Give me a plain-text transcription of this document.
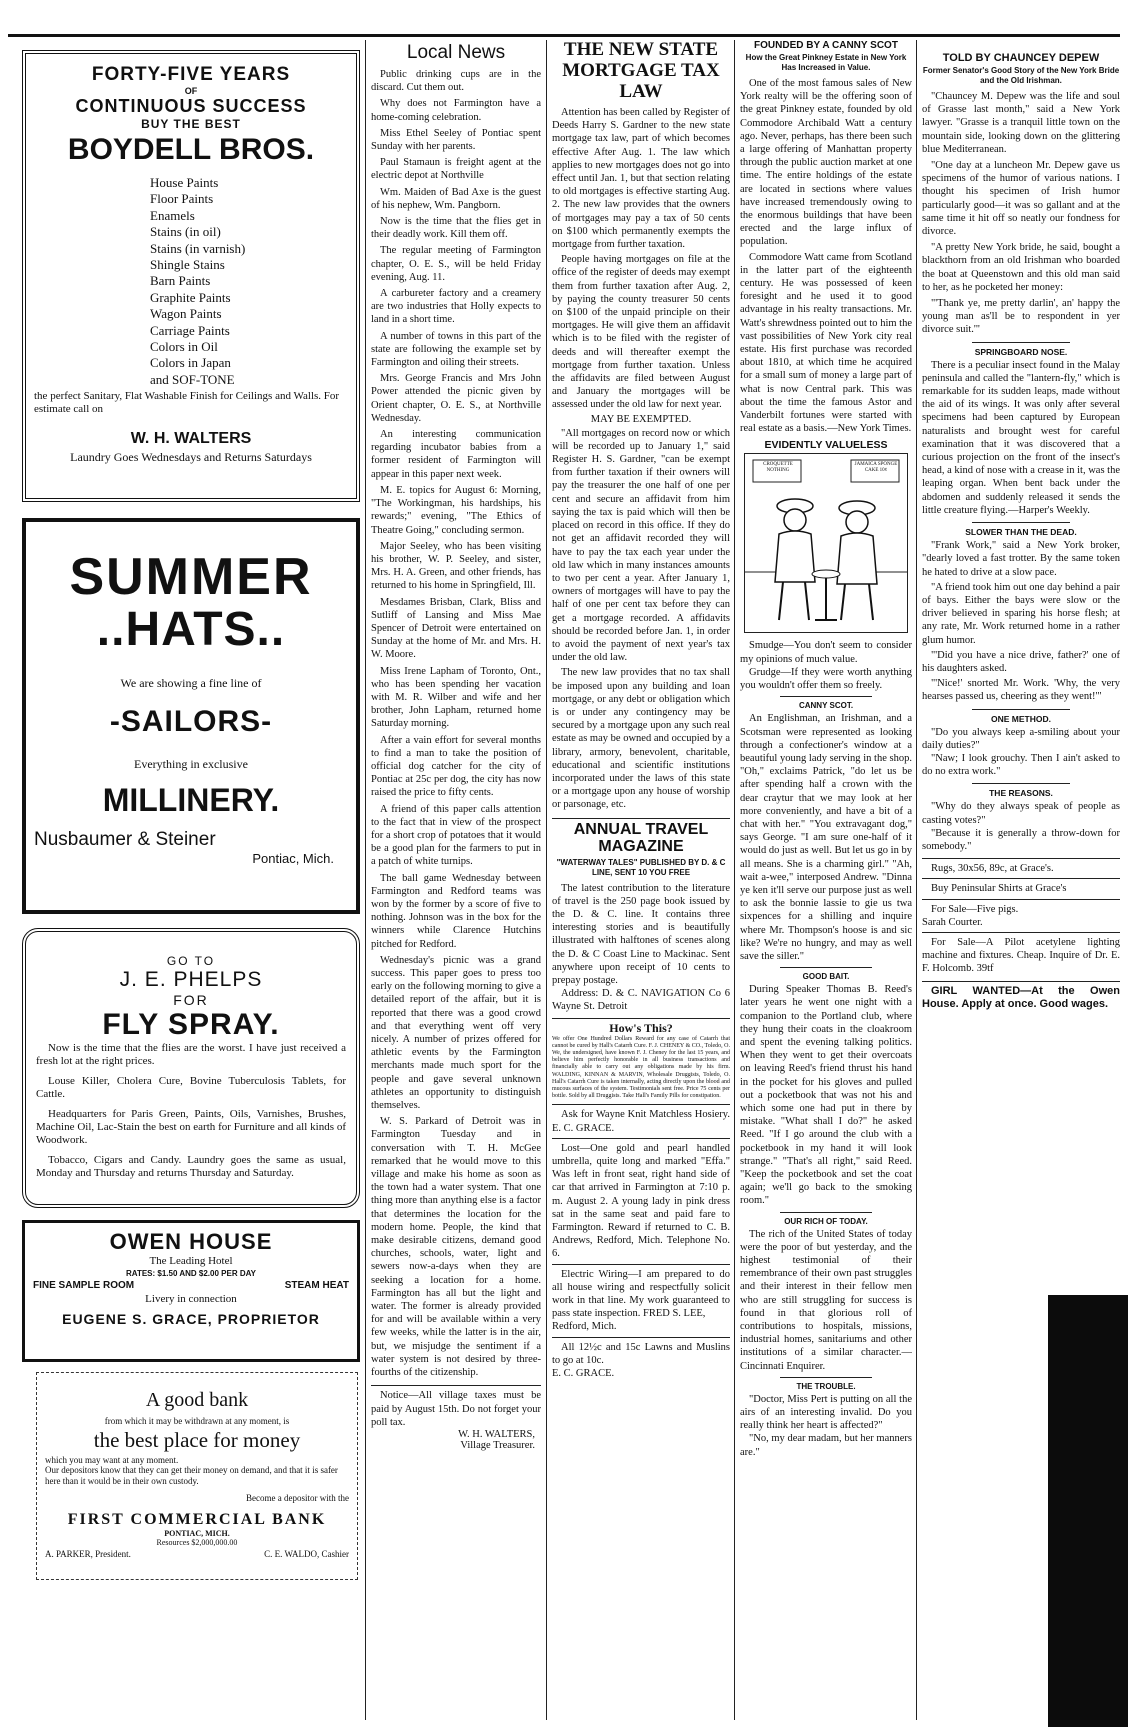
FORTY-FIVE YEARS
OF
CONTINUOUS SUCCESS
BUY THE BEST
BOYDELL BROS.
House Paints
Floor Paints
Enamels
Stains (in oil)
Stains (in varnish)
Shingle Stains
Barn Paints
Graphite Paints
Wagon Paints
Carriage Paints
Colors in Oil
Colors in Japan
and SOF-TONE
the perfect Sanitary, Flat Washable Finish for Ceilings and Walls. For estimate call on
W. H. WALTERS
Laundry Goes Wednesdays and Returns Saturdays
SUMMER
..HATS..
We are showing a fine line of
-SAILORS-
Everything in exclusive
MILLINERY.
Nusbaumer & Steiner
Pontiac, Mich.
GO TO
J. E. PHELPS
FOR
FLY SPRAY.
Now is the time that the flies are the worst. I have just received a fresh lot at the right prices.
Louse Killer, Cholera Cure, Bovine Tuberculosis Tablets, for Cattle.
Headquarters for Paris Green, Paints, Oils, Varnishes, Brushes, Machine Oil, Lac-Stain the best on earth for Furniture and all kinds of Woodwork.
Tobacco, Cigars and Candy. Laundry goes the same as usual, Monday and Thursday and returns Thursday and Saturday.
OWEN HOUSE
The Leading Hotel
RATES: $1.50 AND $2.00 PER DAY
FINE SAMPLE ROOM	STEAM HEAT
Livery in connection
EUGENE S. GRACE, PROPRIETOR
A good bank
from which it may be withdrawn at any moment, is
the best place for money
which you may want at any moment.
Our depositors know that they can get their money on demand, and that it is safer here than it would be in their own custody.
Become a depositor with the
FIRST COMMERCIAL BANK
PONTIAC, MICH.
Resources $2,000,000.00
A. PARKER, President.	C. E. WALDO, Cashier
Local News

Public drinking cups are in the discard. Cut them out.

Why does not Farmington have a home-coming celebration.

Miss Ethel Seeley of Pontiac spent Sunday with her parents.

Paul Stamaun is freight agent at the electric depot at Northville

Wm. Maiden of Bad Axe is the guest of his nephew, Wm. Pangborn.

Now is the time that the flies get in their deadly work. Kill them off.

The regular meeting of Farmington chapter, O. E. S., will be held Friday evening, Aug. 11.

A carbureter factory and a creamery are two industries that Holly expects to land in a short time.

A number of towns in this part of the state are following the example set by Farmington and oiling their streets.

Mrs. George Francis and Mrs John Power attended the picnic given by Orient chapter, O. E. S., at Northville Wednesday.

An interesting communication regarding incubator babies from a former resident of Farmington will appear in this paper next week.

M. E. topics for August 6: Morning, "The Workingman, his hardships, his rewards;" evening, "The Ethics of Theatre Going," concluding sermon.

Major Seeley, who has been visiting his brother, W. P. Seeley, and sister, Mrs. H. A. Green, and other friends, has returned to his home in Springfield, Ill.

Mesdames Brisban, Clark, Bliss and Sutliff of Lansing and Miss Mae Spencer of Detroit were entertained on Sunday at the home of Mr. and Mrs. H. W. Moore.

Miss Irene Lapham of Toronto, Ont., who has been spending her vacation with M. R. Wilber and wife and her brother, John Lapham, returned home Saturday morning.

After a vain effort for several months to find a man to take the position of official dog catcher for the city of Pontiac at 25c per dog, the city has now raised the price to fifty cents.

A friend of this paper calls attention to the fact that in view of the prospect for a short crop of potatoes that it would be a good plan for the farmers to put in a patch of white turnips.

The ball game Wednesday between Farmington and Redford teams was won by the former by a score of five to nothing. Johnson was in the box for the winners while Clarence Hutchins pitched for Redford.

Wednesday's picnic was a grand success. This paper goes to press too early on the following morning to give a detailed report of the affair, but it is reported that there was a good crowd and that everything went off very nicely. A number of prizes offered for athletic events by the Farmington merchants made much sport for the people and gave several unknown athletes an opportunity to distinguish themselves.

W. S. Parkard of Detroit was in Farmington Tuesday and in conversation with T. H. McGee remarked that he would move to this village and make his home as soon as the town had a water system. That one thing more than anything else is a factor that determines the location for the modern home. People, the kind that make desirable citizens, demand good churches, schools, water, light and sewers now-a-days when they are seeking a location for a home. Farmington has all but the light and water. The former is already provided for and will be available within a very few weeks, while the latter is in the air, but, we misjudge the sentiment if a water system is not desired by three-fourths of the citizenship.

Notice—All village taxes must be paid by August 15th. Do not forget your poll tax.

W. H. WALTERS,
Village Treasurer.
THE NEW STATE
MORTGAGE TAX LAW

Attention has been called by Register of Deeds Harry S. Gardner to the new state mortgage tax law, part of which becomes effective After Aug. 1. The law which applies to new mortgages does not go into effect until Jan. 1, but that section relating to old mortgages is effective starting Aug. 2. The new law provides that the owners of mortgages may pay a tax of 50 cents on $100 which permanently exempts the mortgage from further taxation.

People having mortgages on file at the office of the register of deeds may exempt them from further taxation after Aug. 2, by paying the county treasurer 50 cents on $100 of the unpaid principle on their mortgages. He will give them an affidavit which is to be filed with the register of deeds and will thereafter exempt the mortgage from further taxation. Unless the affidavits are filed between August and January the mortgages will be assessed under the old law for next year.

MAY BE EXEMPTED.

"All mortgages on record now or which will be recorded up to January 1," said Register H. S. Gardner, "can be exempt from further taxation if their owners will pay the treasurer the one half of one per cent and secure an affidavit from him saying the tax is paid which will then be placed on record in this office. If they do not get an affidavit recorded they will have to pay the tax each year under the old law which in many instances amounts to two per cent a year. After January 1, owners of mortgages will have to pay the half of one per cent tax before they can get a mortgage recorded. A affidavits should be recorded before Jan. 1, in order to avoid the payment of next year's tax under the old law.

The new law provides that no tax shall be imposed upon any building and loan mortgage, or any debt or obligation which is or under any contingency may be secured by a mortgage upon any such real estate as may be owned and occupied by a library, armory, benevolent, charitable, educational and scientific institutions incorporated under the laws of this state or a mortgage upon any house of worship or parsonage, etc.

ANNUAL TRAVEL
MAGAZINE
"WATERWAY TALES" PUBLISHED BY D. & C LINE, SENT 10 YOU FREE

The latest contribution to the literature of travel is the 250 page book issued by the D. & C. line. It contains three interesting stories and is beautifully illustrated with halftones of scenes along the D. & C Coast Line to Mackinac. Sent anywhere upon receipt of 10 cents to prepay postage.

Address: D. & C. NAVIGATION Co 6 Wayne St. Detroit

How's This?

We offer One Hundred Dollars Reward for any case of Catarrh that cannot be cured by Hall's Catarrh Cure. F. J. CHENEY & CO., Toledo, O. We, the undersigned, have known F. J. Cheney for the last 15 years, and believe him perfectly honorable in all business transactions and financially able to carry out any obligations made by his firm. WALDING, KINNAN & MARVIN, Wholesale Druggists, Toledo, O. Hall's Catarrh Cure is taken internally, acting directly upon the blood and mucous surfaces of the system. Testimonials sent free. Price 75 cents per bottle. Sold by all Druggists. Take Hall's Family Pills for constipation.

Ask for Wayne Knit Matchless Hosiery. E. C. GRACE.

Lost—One gold and pearl handled umbrella, quite long and marked "Effa." Was left in front seat, right hand side of car that arrived in Farmington at 7:10 p. m. August 2. A young lady in pink dress sat in the same seat and paid fare to Farmington. Reward if returned to C. B. Andrews, Redford, Mich. Telephone No. 6.

Electric Wiring—I am prepared to do all house wiring and respectfully solicit work in that line. My work guaranteed to pass state inspection. FRED S. LEE,
Redford, Mich.

All 12½c and 15c Lawns and Muslins to go at 10c.
E. C. GRACE.

FOUNDED BY A CANNY SCOT
How the Great Pinkney Estate in New York Has Increased in Value.

One of the most famous sales of New York realty will be the offering soon of the great Pinkney estate, founded by old Commodore Archibald Watt a century ago. Never, perhaps, has there been such a large offering of Manhattan property through the public auction market at one time. The entire holdings of the estate are located in sections where values have increased tremendously owing to the enormous buildings that have been erected and the large influx of population.

Commodore Watt came from Scotland in the latter part of the eighteenth century. He was possessed of keen foresight and he used it to good advantage in his realty transactions. Mr. Watt's shrewdness pointed out to him the vast possibilities of New York city real estate. His first purchase was recorded about 1810, at which time he acquired for a small sum of money a large part of what is now Central park. This was about the time the famous Astor and Vanderbilt fortunes were started with real estate as a basis.—New York Times.

EVIDENTLY VALUELESS
CROQUETTE NOTHING
JAMAICA SPONGE CAKE 10¢

Smudge—You don't seem to consider my opinions of much value.

Grudge—If they were worth anything you wouldn't offer them so freely.

CANNY SCOT.

An Englishman, an Irishman, and a Scotsman were represented as looking through a confectioner's window at a beautiful young lady serving in the shop. "Oh," exclaims Patrick, "do let us be after spending half a crown with the dear craytur that we may look at her more conveniently, and have a bit of a chat with her." "You extravagant dog," says George. "I am sure one-half of it would do just as well. But let us go in by all means. She is a charming girl." "Ah, wait a-wee," interposed Andrew. "Dinna ye ken it'll serve our purpose just as well to ask the bonnie lassie to gie us twa sixpences for a shilling and inquire where Mr. Thompson's hoose is and sic like? We're no hungry, and may as well save the siller."

GOOD BAIT.

During Speaker Thomas B. Reed's later years he went one night with a companion to the Portland club, where they hung their coats in the cloakroom and spent the evening talking politics. When they went to get their overcoats on leaving Reed's friend thrust his hand in the pocket for his gloves and pulled out a pocketbook that was not his and which some one had put in there by mistake. "What shall I do?" he asked Reed. "If I go around the club with a pocketbook in my hand it will look strange." "That's all right," said Reed. "Keep the pocketbook and set the coat again; we'll go back to the smoking room."

OUR RICH OF TODAY.

The rich of the United States of today were the poor of but yesterday, and the highest testimonial of their remembrance of their own past struggles and their interest in their fellow men who are still struggling for success is found in that glorious roll of contributions to hospitals, missions, industrial homes, sanitariums and other institutions of a similar character.—Cincinnati Enquirer.

THE TROUBLE.

"Doctor, Miss Pert is putting on all the airs of an interesting invalid. Do you really think her heart is affected?"

"No, my dear madam, but her manners are."

TOLD BY CHAUNCEY DEPEW
Former Senator's Good Story of the New York Bride and the Old Irishman.

"Chauncey M. Depew was the life and soul of Grasse last month," said a New York lawyer. "Grasse is a tranquil little town on the mountain side, looking down on the glittering blue Mediterranean.

"One day at a luncheon Mr. Depew gave us specimens of the humor of various nations. I thought his specimen of Irish humor particularly good—it was so gallant and at the same time it hit off so neatly our fondness for divorce.

"A pretty New York bride, he said, bought a blackthorn from an old Irishman who boarded the boat at Queenstown and this old man said to her, as he pocketed her money:

"'Thank ye, me pretty darlin', an' happy the young man as'll be to respondent in yer divorce suit.'"

SPRINGBOARD NOSE.

There is a peculiar insect found in the Malay peninsula and called the "lantern-fly," which is remarkable for its sudden leaps, made without the aid of its wings. It was only after several specimens had been captured by European naturalists and brought west for careful examination that it was discovered that a curious projection on the front of the insect's head, a kind of nose with a crease in it, was the leaping organ. When bent back under the abdomen and suddenly released it sends the little creature flying.—Harper's Weekly.

SLOWER THAN THE DEAD.

"Frank Work," said a New York broker, "dearly loved a fast trotter. By the same token he hated to drive at a slow pace.

"A friend took him out one day behind a pair of bays. Either the bays were slow or the driver believed in sparing his horse flesh; at any rate, Mr. Work returned home in a rather glum humor.

"'Did you have a nice drive, father?' one of his daughters asked.

"'Nice!' snorted Mr. Work. 'Why, the very hearses passed us, cheering as they went!'"

ONE METHOD.

"Do you always keep a-smiling about your daily duties?"

"Naw; I look grouchy. Then I ain't asked to do no extra work."

THE REASONS.

"Why do they always speak of people as casting votes?"

"Because it is generally a throw-down for somebody."

Rugs, 30x56, 89c, at Grace's.

Buy Peninsular Shirts at Grace's

For Sale—Five pigs.
Sarah Courter.

For Sale—A Pilot acetylene lighting machine and fixtures. Cheap. Inquire of Dr. E. F. Holcomb. 39tf

GIRL WANTED—At the Owen House. Apply at once. Good wages.
